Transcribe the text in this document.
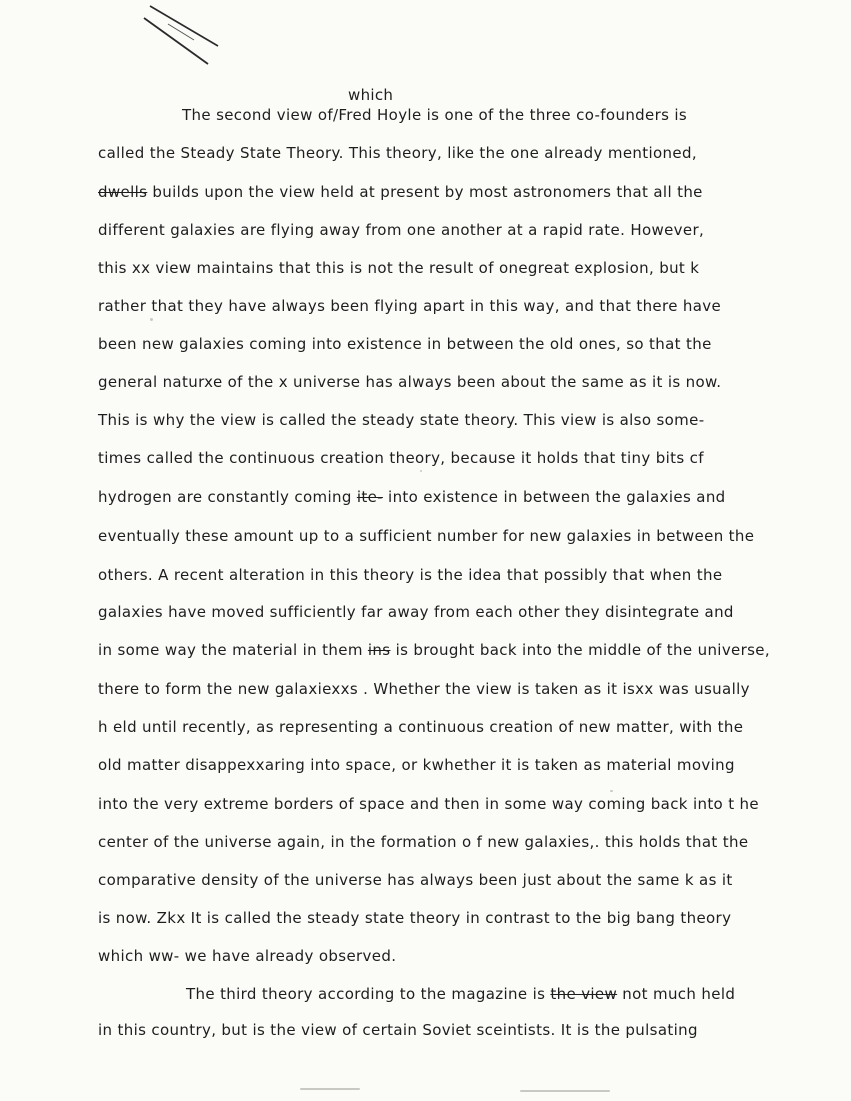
which
The second view of/Fred Hoyle is one of the three co-founders is
called the Steady State Theory. This theory, like the one already mentioned,
dwells builds upon the view held at present by most astronomers that all the
different galaxies are flying away from one another at a rapid rate. However,
this xx view maintains that this is not the result of onegreat explosion, but k
rather that they have always been flying apart in this way, and that there have
been new galaxies coming into existence in between the old ones, so that the
general naturxe of the x universe has always been about the same as it is now.
This is why the view is called the steady state theory. This view is also some-
times called the continuous creation theory, because it holds that tiny bits cf
hydrogen are constantly coming ite- into existence in between the galaxies and
eventually these amount up to a sufficient number for new galaxies in between the
others. A recent alteration in this theory is the idea that possibly that when the
galaxies have moved sufficiently far away from each other they disintegrate and
in some way the material in them ins is brought back into the middle of the universe,
there to form the new galaxiexxs . Whether the view is taken as it isxx was usually
h eld until recently, as representing a continuous creation of new matter, with the
old matter disappexxaring into space, or kwhether it is taken as material moving
into the very extreme borders of space and then in some way coming back into t he
center of the universe again, in the formation o f new galaxies,. this holds that the
comparative density of the universe has always been just about the same k as it
is now. Zkx It is called the steady state theory in contrast to the big bang theory
which ww- we have already observed.
The third theory according to the magazine is the view not much held
in this country, but is the view of certain Soviet sceintists. It is the pulsating
